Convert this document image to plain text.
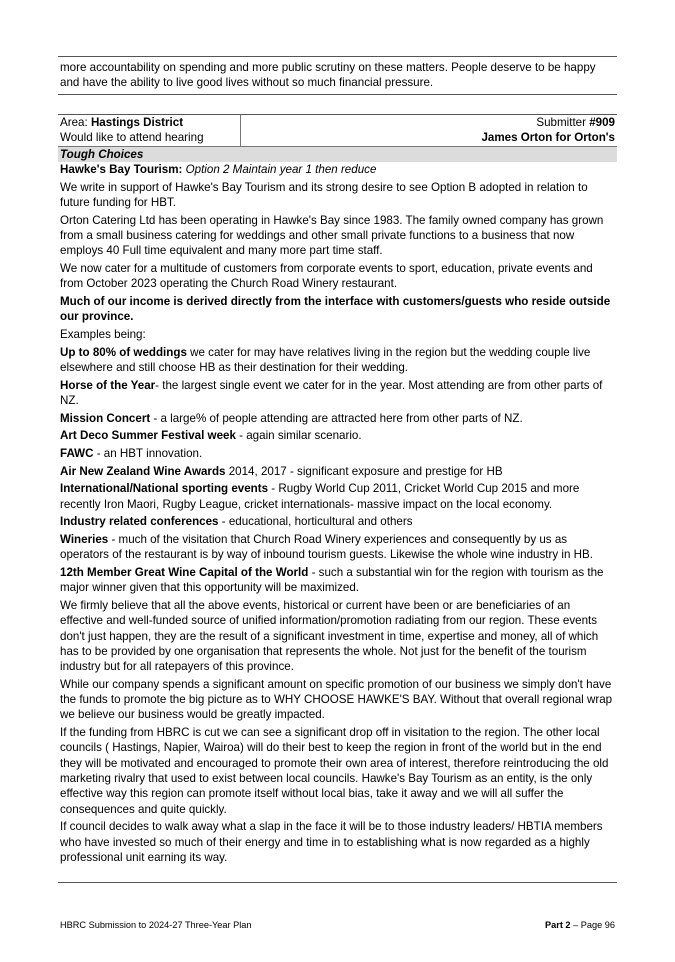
more accountability on spending and more public scrutiny on these matters. People deserve to be happy and have the ability to live good lives without so much financial pressure.

Area: Hastings District	Submitter #909
Would like to attend hearing	James Orton for Orton's
Tough Choices

Hawke's Bay Tourism: Option 2 Maintain year 1 then reduce

We write in support of Hawke's Bay Tourism and its strong desire to see Option B adopted in relation to future funding for HBT.

Orton Catering Ltd has been operating in Hawke's Bay since 1983. The family owned company has grown from a small business catering for weddings and other small private functions to a business that now employs 40 Full time equivalent and many more part time staff.

We now cater for a multitude of customers from corporate events to sport, education, private events and from October 2023 operating the Church Road Winery restaurant.

Much of our income is derived directly from the interface with customers/guests who reside outside our province.

Examples being:

Up to 80% of weddings we cater for may have relatives living in the region but the wedding couple live elsewhere and still choose HB as their destination for their wedding.

Horse of the Year- the largest single event we cater for in the year. Most attending are from other parts of NZ.

Mission Concert - a large% of people attending are attracted here from other parts of NZ.

Art Deco Summer Festival week - again similar scenario.

FAWC - an HBT innovation.

Air New Zealand Wine Awards 2014, 2017 - significant exposure and prestige for HB

International/National sporting events - Rugby World Cup 2011, Cricket World Cup 2015 and more recently Iron Maori, Rugby League, cricket internationals- massive impact on the local economy.

Industry related conferences - educational, horticultural and others

Wineries - much of the visitation that Church Road Winery experiences and consequently by us as operators of the restaurant is by way of inbound tourism guests. Likewise the whole wine industry in HB.

12th Member Great Wine Capital of the World - such a substantial win for the region with tourism as the major winner given that this opportunity will be maximized.

We firmly believe that all the above events, historical or current have been or are beneficiaries of an effective and well-funded source of unified information/promotion radiating from our region. These events don't just happen, they are the result of a significant investment in time, expertise and money, all of which has to be provided by one organisation that represents the whole. Not just for the benefit of the tourism industry but for all ratepayers of this province.

While our company spends a significant amount on specific promotion of our business we simply don't have the funds to promote the big picture as to WHY CHOOSE HAWKE'S BAY. Without that overall regional wrap we believe our business would be greatly impacted.

If the funding from HBRC is cut we can see a significant drop off in visitation to the region. The other local councils ( Hastings, Napier, Wairoa) will do their best to keep the region in front of the world but in the end they will be motivated and encouraged to promote their own area of interest, therefore reintroducing the old marketing rivalry that used to exist between local councils. Hawke's Bay Tourism as an entity, is the only effective way this region can promote itself without local bias, take it away and we will all suffer the consequences and quite quickly.

If council decides to walk away what a slap in the face it will be to those industry leaders/ HBTIA members who have invested so much of their energy and time in to establishing what is now regarded as a highly professional unit earning its way.

HBRC Submission to 2024-27 Three-Year Plan	Part 2 – Page 96
